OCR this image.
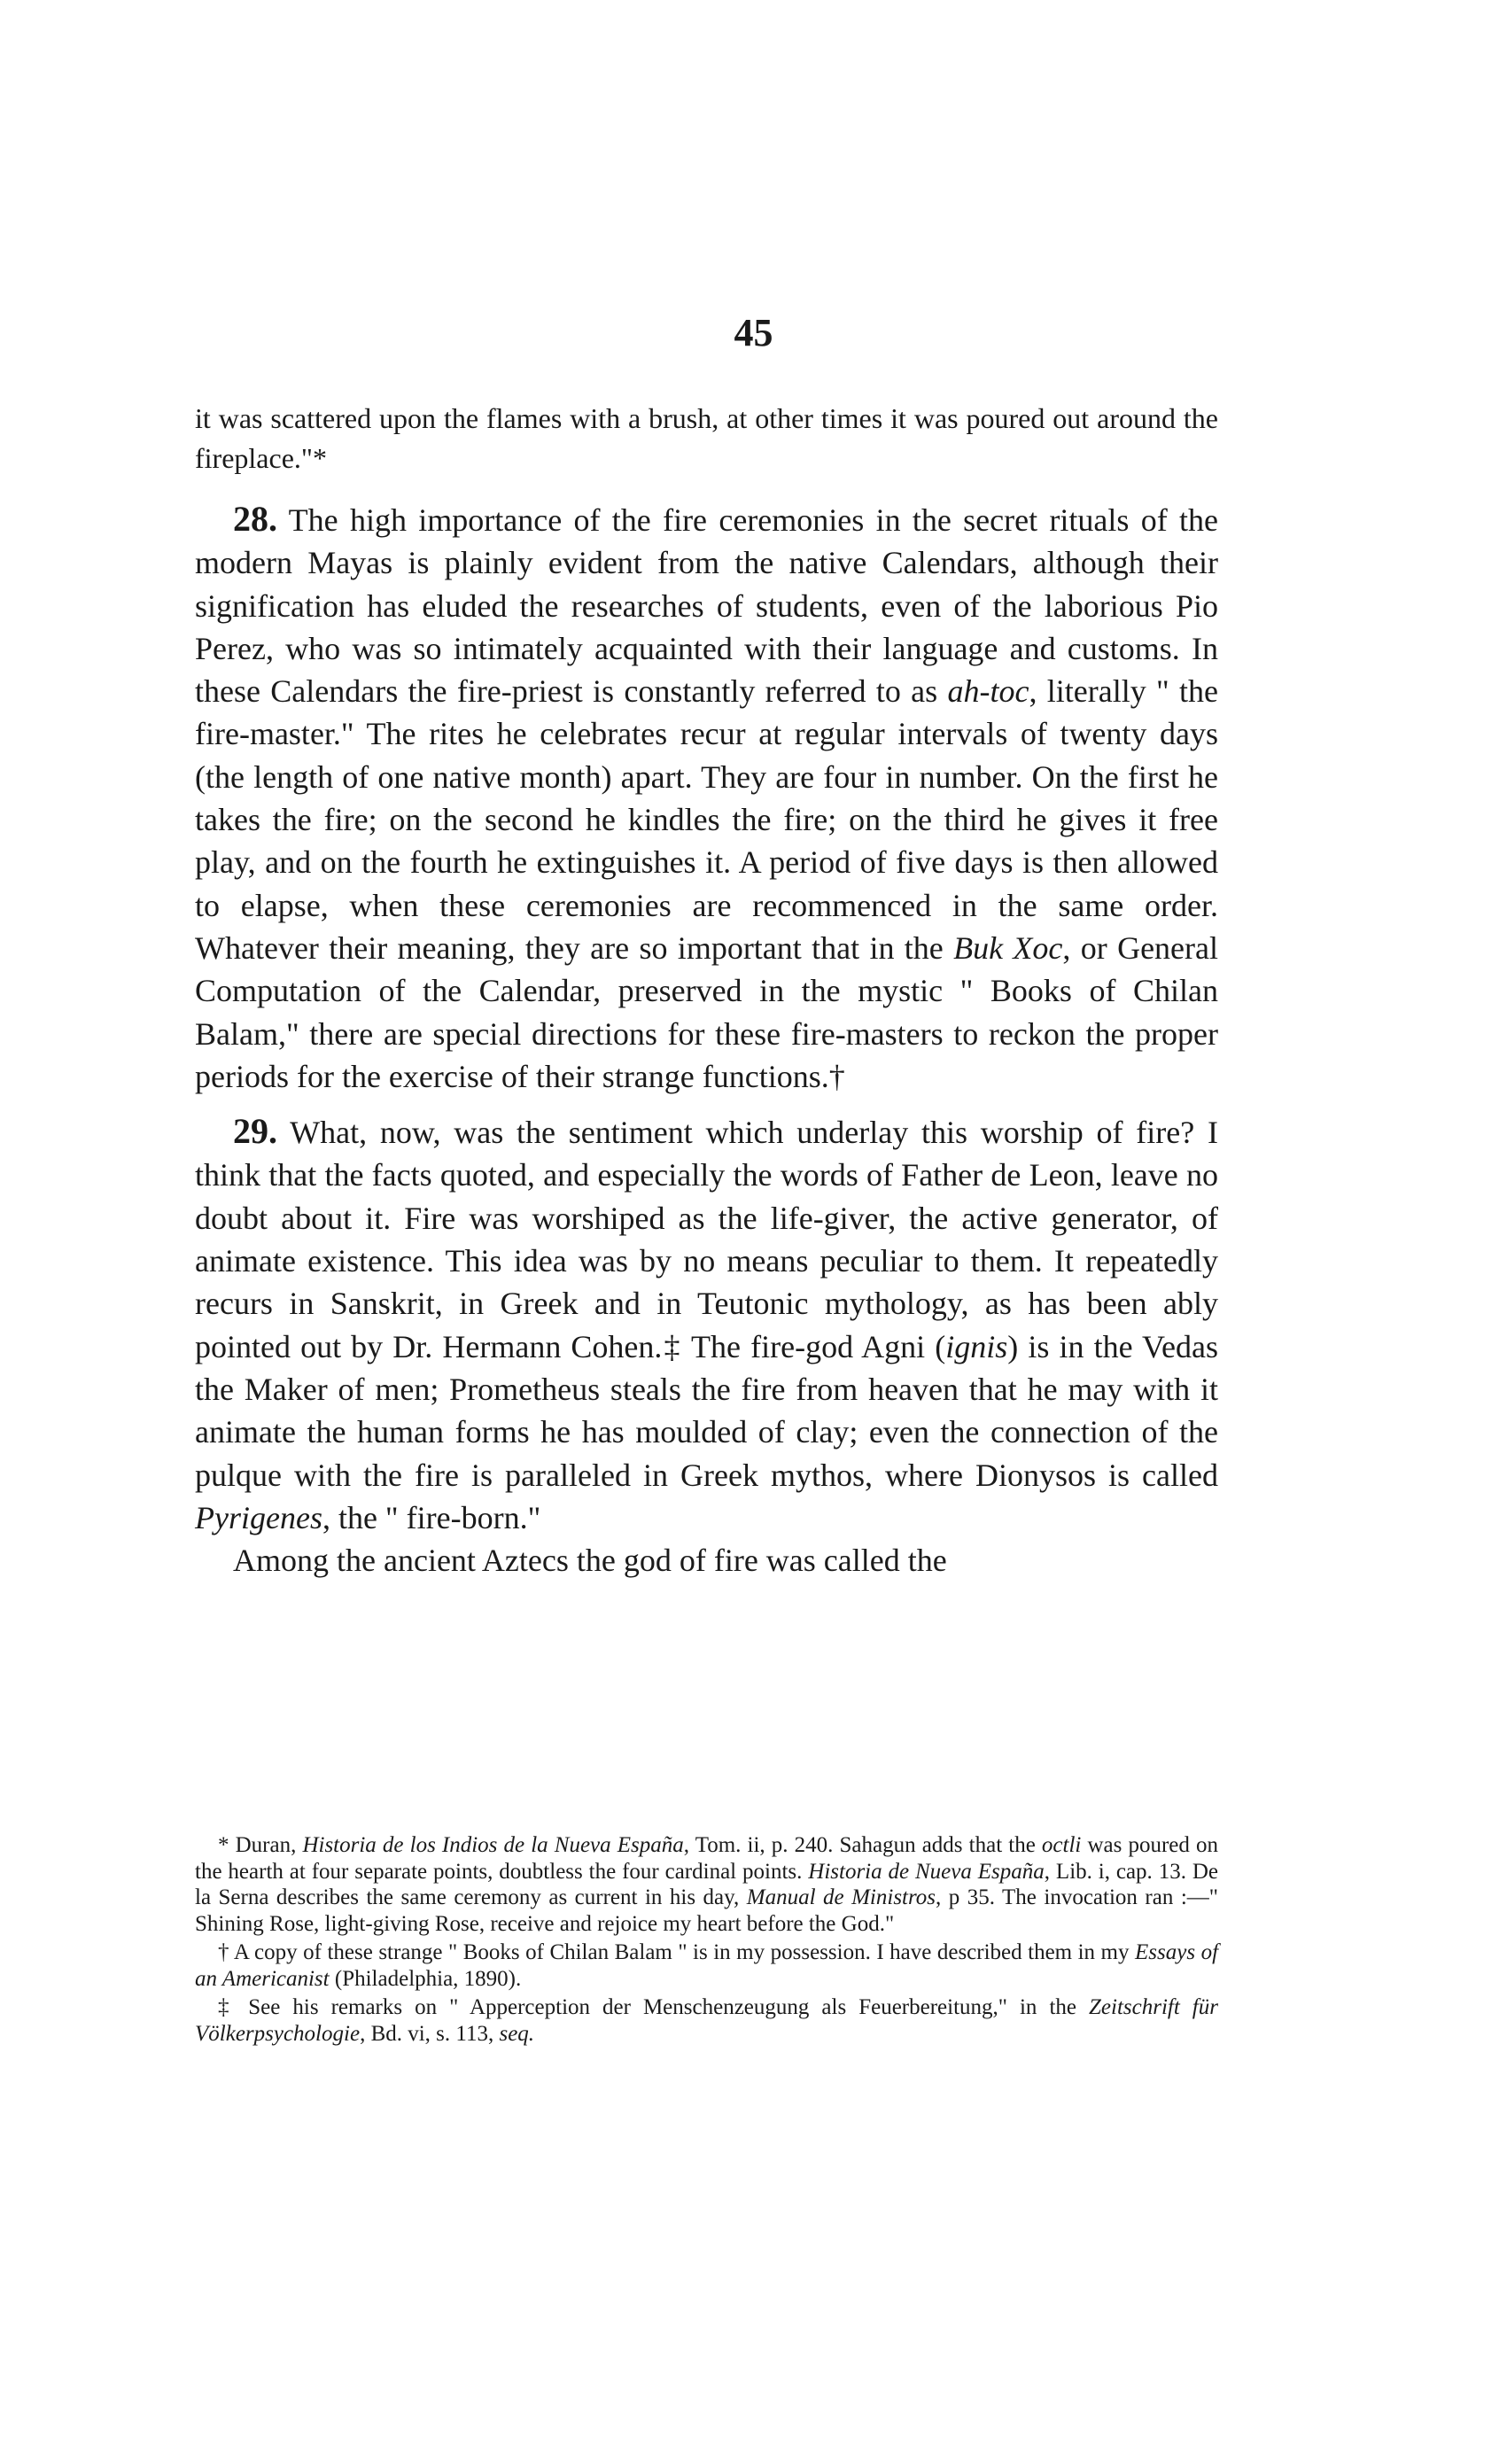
45
it was scattered upon the flames with a brush, at other times it was poured out around the fireplace."*

28. The high importance of the fire ceremonies in the secret rituals of the modern Mayas is plainly evident from the native Calendars, although their signification has eluded the researches of students, even of the laborious Pio Perez, who was so intimately acquainted with their language and customs. In these Calendars the fire-priest is constantly referred to as ah-toc, literally " the fire-master." The rites he celebrates recur at regular intervals of twenty days (the length of one native month) apart. They are four in number. On the first he takes the fire; on the second he kindles the fire; on the third he gives it free play, and on the fourth he extinguishes it. A period of five days is then allowed to elapse, when these ceremonies are recommenced in the same order. Whatever their meaning, they are so important that in the Buk Xoc, or General Computation of the Calendar, preserved in the mystic " Books of Chilan Balam," there are special directions for these fire-masters to reckon the proper periods for the exercise of their strange functions.†

29. What, now, was the sentiment which underlay this worship of fire? I think that the facts quoted, and especially the words of Father de Leon, leave no doubt about it. Fire was worshiped as the life-giver, the active generator, of animate existence. This idea was by no means peculiar to them. It repeatedly recurs in Sanskrit, in Greek and in Teutonic mythology, as has been ably pointed out by Dr. Hermann Cohen.‡ The fire-god Agni (ignis) is in the Vedas the Maker of men; Prometheus steals the fire from heaven that he may with it animate the human forms he has moulded of clay; even the connection of the pulque with the fire is paralleled in Greek mythos, where Dionysos is called Pyrigenes, the " fire-born."

Among the ancient Aztecs the god of fire was called the

* Duran, Historia de los Indios de la Nueva España, Tom. ii, p. 240. Sahagun adds that the octli was poured on the hearth at four separate points, doubtless the four cardinal points. Historia de Nueva España, Lib. i, cap. 13. De la Serna describes the same ceremony as current in his day, Manual de Ministros, p 35. The invocation ran :—" Shining Rose, light-giving Rose, receive and rejoice my heart before the God."

† A copy of these strange " Books of Chilan Balam " is in my possession. I have described them in my Essays of an Americanist (Philadelphia, 1890).

‡ See his remarks on " Apperception der Menschenzeugung als Feuerbereitung," in the Zeitschrift für Völkerpsychologie, Bd. vi, s. 113, seq.
